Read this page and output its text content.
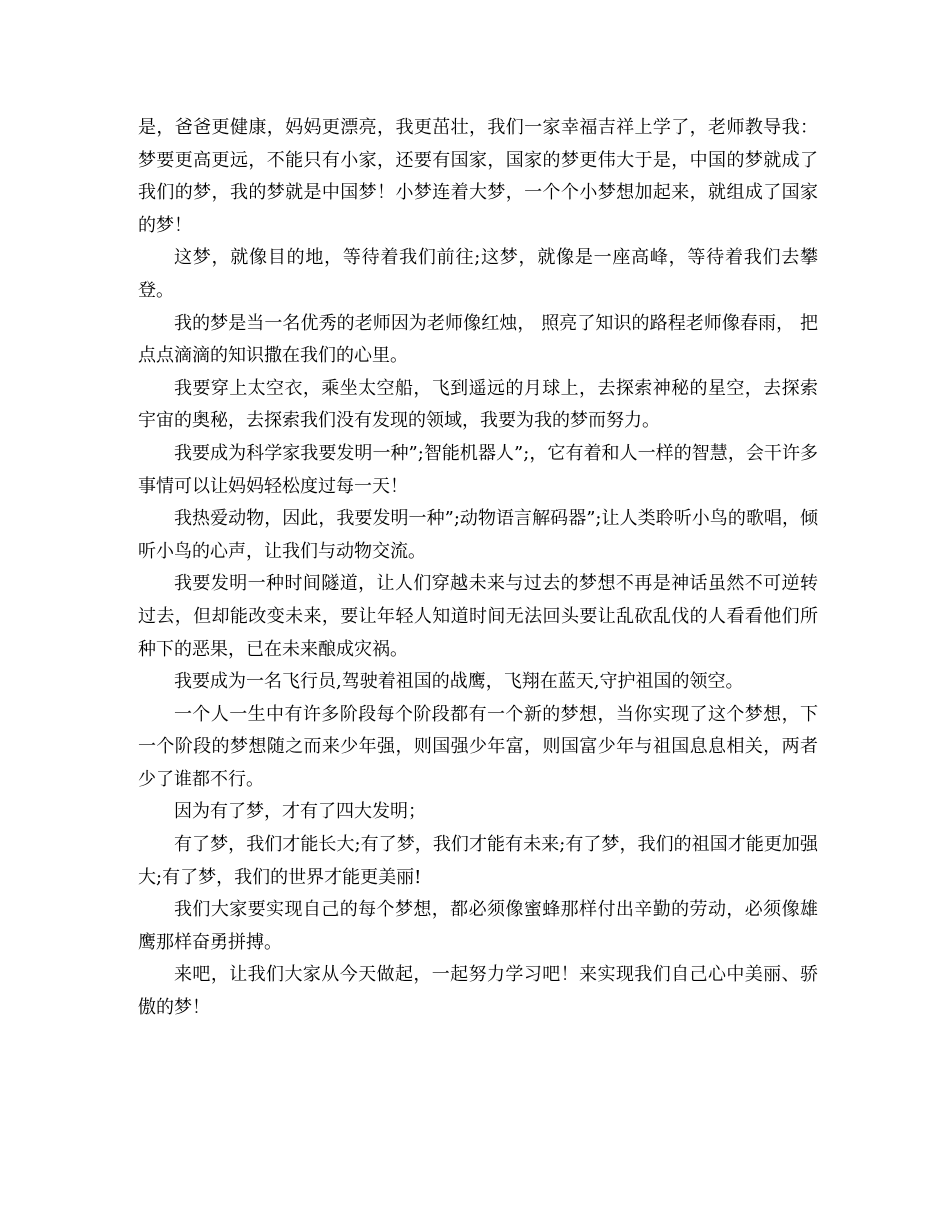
是，爸爸更健康，妈妈更漂亮，我更茁壮，我们一家幸福吉祥上学了，老师教导我：梦要更高更远，不能只有小家，还要有国家，国家的梦更伟大于是，中国的梦就成了我们的梦，我的梦就是中国梦！小梦连着大梦，一个个小梦想加起来，就组成了国家的梦！

这梦，就像目的地，等待着我们前往;这梦，就像是一座高峰，等待着我们去攀登。

我的梦是当一名优秀的老师因为老师像红烛， 照亮了知识的路程老师像春雨， 把点点滴滴的知识撒在我们的心里。

我要穿上太空衣，乘坐太空船，飞到遥远的月球上，去探索神秘的星空，去探索宇宙的奥秘，去探索我们没有发现的领域，我要为我的梦而努力。

我要成为科学家我要发明一种”;智能机器人”;，它有着和人一样的智慧，会干许多事情可以让妈妈轻松度过每一天！

我热爱动物，因此，我要发明一种”;动物语言解码器”;让人类聆听小鸟的歌唱，倾听小鸟的心声，让我们与动物交流。

我要发明一种时间隧道，让人们穿越未来与过去的梦想不再是神话虽然不可逆转过去，但却能改变未来，要让年轻人知道时间无法回头要让乱砍乱伐的人看看他们所种下的恶果，已在未来酿成灾祸。

我要成为一名飞行员,驾驶着祖国的战鹰，飞翔在蓝天,守护祖国的领空。

一个人一生中有许多阶段每个阶段都有一个新的梦想，当你实现了这个梦想，下一个阶段的梦想随之而来少年强，则国强少年富，则国富少年与祖国息息相关，两者少了谁都不行。

因为有了梦，才有了四大发明；

有了梦，我们才能长大;有了梦，我们才能有未来;有了梦，我们的祖国才能更加强大;有了梦，我们的世界才能更美丽!

我们大家要实现自己的每个梦想，都必须像蜜蜂那样付出辛勤的劳动，必须像雄鹰那样奋勇拼搏。

来吧，让我们大家从今天做起，一起努力学习吧！来实现我们自己心中美丽、骄傲的梦！
